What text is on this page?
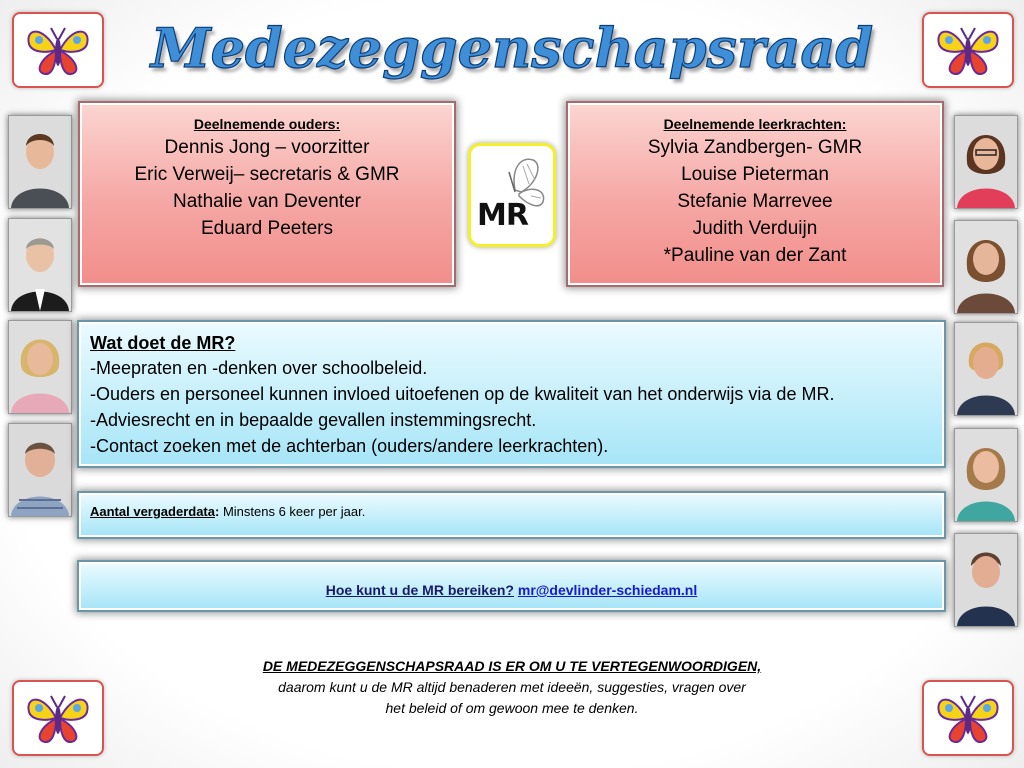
Medezeggenschapsraad
Deelnemende ouders:
Dennis Jong – voorzitter
Eric Verweij– secretaris & GMR
Nathalie van Deventer
Eduard Peeters	MR
Deelnemende leerkrachten:
Sylvia Zandbergen- GMR
Louise Pieterman
Stefanie Marrevee
Judith Verduijn
*Pauline van der Zant
Wat doet de MR?
-Meepraten en -denken over schoolbeleid.
-Ouders en personeel kunnen invloed uitoefenen op de kwaliteit van het onderwijs via de MR.
-Adviesrecht en in bepaalde gevallen instemmingsrecht.
-Contact zoeken met de achterban (ouders/andere leerkrachten).
Aantal vergaderdata: Minstens 6 keer per jaar.
Hoe kunt u de MR bereiken? mr@devlinder-schiedam.nl
DE MEDEZEGGENSCHAPSRAAD IS ER OM U TE VERTEGENWOORDIGEN,
daarom kunt u de MR altijd benaderen met ideeën, suggesties, vragen over
het beleid of om gewoon mee te denken.
